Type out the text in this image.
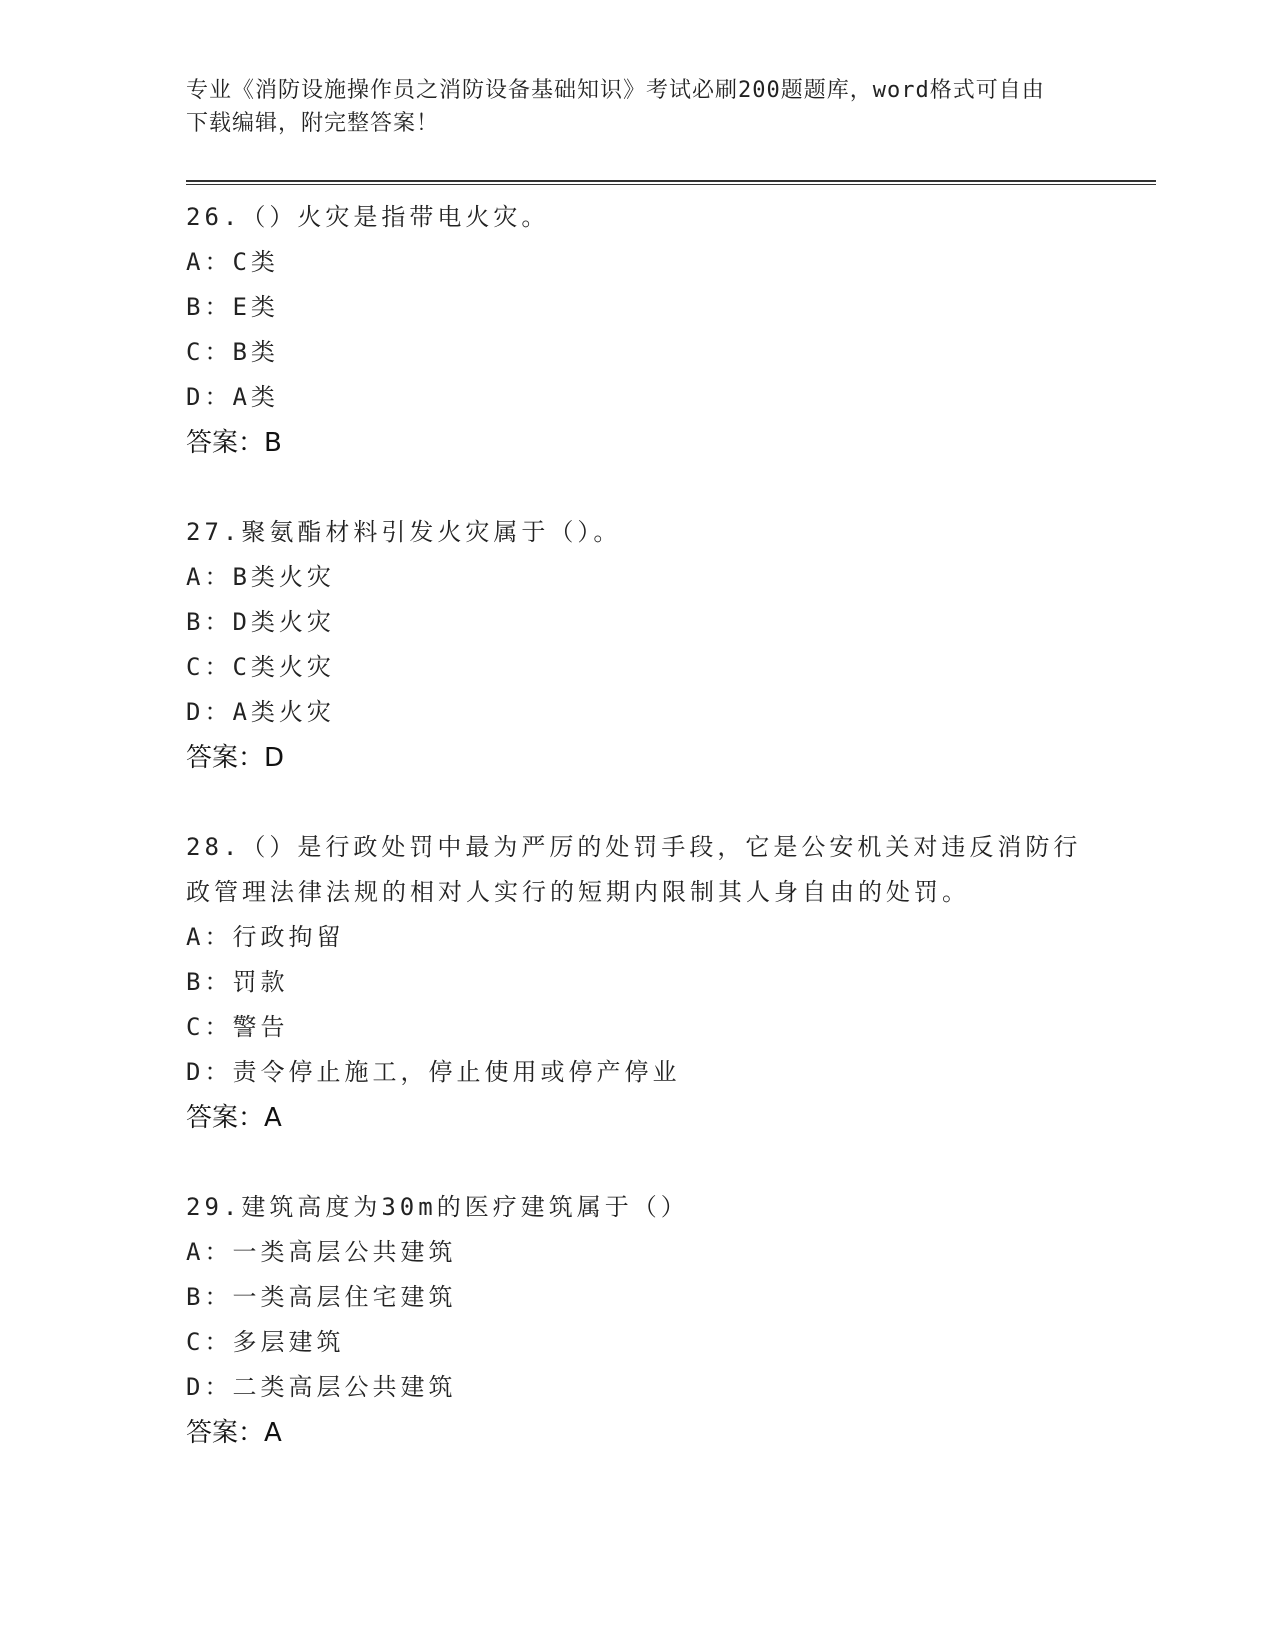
专业《消防设施操作员之消防设备基础知识》考试必刷200题题库，word格式可自由下载编辑，附完整答案！

26.（）火灾是指带电火灾。

A：C类

B：E类

C：B类

D：A类

答案：B

27.聚氨酯材料引发火灾属于（）。

A：B类火灾

B：D类火灾

C：C类火灾

D：A类火灾

答案：D

28.（）是行政处罚中最为严厉的处罚手段，它是公安机关对违反消防行政管理法律法规的相对人实行的短期内限制其人身自由的处罚。

A：行政拘留

B：罚款

C：警告

D：责令停止施工，停止使用或停产停业

答案：A

29.建筑高度为30m的医疗建筑属于（）

A：一类高层公共建筑

B：一类高层住宅建筑

C：多层建筑

D：二类高层公共建筑

答案：A
